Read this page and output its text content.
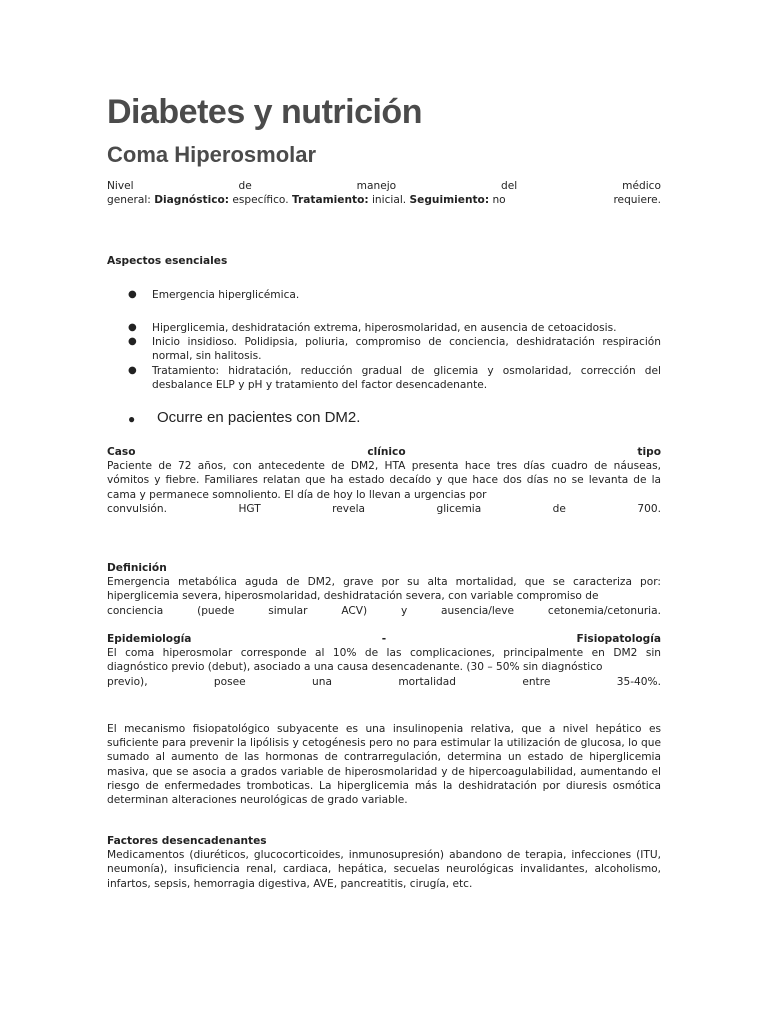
Diabetes y nutrición
Coma Hiperosmolar
Nivel	de	manejo	del	médico
general: Diagnóstico: específico. Tratamiento: inicial. Seguimiento: no	requiere.
Aspectos esenciales
● Emergencia hiperglicémica.
● Hiperglicemia, deshidratación extrema, hiperosmolaridad, en ausencia de cetoacidosis.
● Inicio insidioso. Polidipsia, poliuria, compromiso de conciencia, deshidratación respiración normal, sin halitosis.
● Tratamiento: hidratación, reducción gradual de glicemia y osmolaridad, corrección del desbalance ELP y pH y tratamiento del factor desencadenante.
● Ocurre en pacientes con DM2.
Caso	clínico	tipo
Paciente de 72 años, con antecedente de DM2, HTA presenta hace tres días cuadro de náuseas, vómitos y fiebre. Familiares relatan que ha estado decaído y que hace dos días no se levanta de la cama y permanece somnoliento. El día de hoy lo llevan a urgencias por
convulsión.	HGT	revela	glicemia	de	700.
Definición
Emergencia metabólica aguda de DM2, grave por su alta mortalidad, que se caracteriza por: hiperglicemia severa, hiperosmolaridad, deshidratación severa, con variable compromiso de
conciencia	(puede	simular	ACV)	y	ausencia/leve	cetonemia/cetonuria.
Epidemiología	-	Fisiopatología
El coma hiperosmolar corresponde al 10% de las complicaciones, principalmente en DM2 sin diagnóstico previo (debut), asociado a una causa desencadenante. (30 – 50% sin diagnóstico
previo),	posee	una	mortalidad	entre	35-40%.
El mecanismo fisiopatológico subyacente es una insulinopenia relativa, que a nivel hepático es suficiente para prevenir la lipólisis y cetogénesis pero no para estimular la utilización de glucosa, lo que sumado al aumento de las hormonas de contrarregulación, determina un estado de hiperglicemia masiva, que se asocia a grados variable de hiperosmolaridad y de hipercoagulabilidad, aumentando el riesgo de enfermedades tromboticas. La hiperglicemia más la deshidratación por diuresis osmótica determinan alteraciones neurológicas de grado variable.
Factores desencadenantes
Medicamentos (diuréticos, glucocorticoides, inmunosupresión) abandono de terapia, infecciones (ITU, neumonía), insuficiencia renal, cardiaca, hepática, secuelas neurológicas invalidantes, alcoholismo, infartos, sepsis, hemorragia digestiva, AVE, pancreatitis, cirugía, etc.
